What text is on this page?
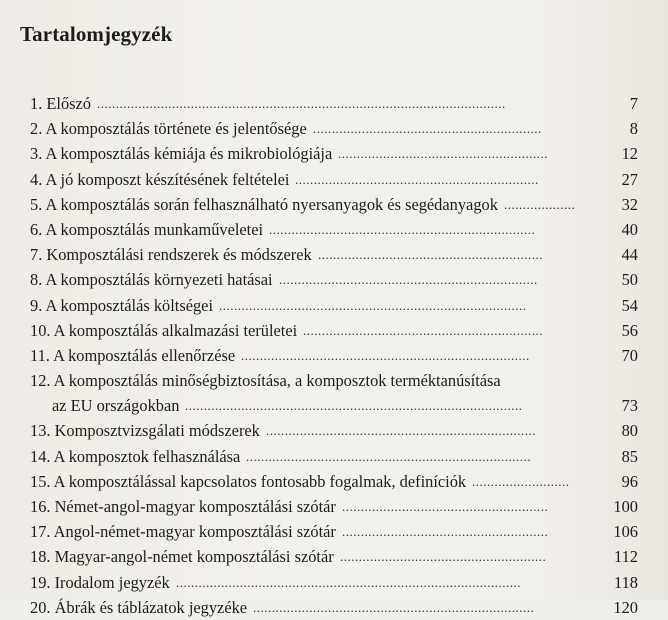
Tartalomjegyzék
1. Előszó .............................................................................................................	7
2. A komposztálás története és jelentősége .............................................................	8
3. A komposztálás kémiája és mikrobiológiája ........................................................	12
4. A jó komposzt készítésének feltételei .................................................................	27
5. A komposztálás során felhasználható nyersanyagok és segédanyagok ...................	32
6. A komposztálás munkaműveletei .......................................................................	40
7. Komposztálási rendszerek és módszerek ............................................................	44
8. A komposztálás környezeti hatásai .....................................................................	50
9. A komposztálás költségei ..................................................................................	54
10. A komposztálás alkalmazási területei ................................................................	56
11. A komposztálás ellenőrzése .............................................................................	70
12. A komposztálás minőségbiztosítása, a komposztok terméktanúsítása
az EU országokban ..........................................................................................	73
13. Komposztvizsgálati módszerek ........................................................................	80
14. A komposztok felhasználása ............................................................................	85
15. A komposztálással kapcsolatos fontosabb fogalmak, definíciók ..........................	96
16. Német-angol-magyar komposztálási szótár .......................................................	100
17. Angol-német-magyar komposztálási szótár .......................................................	106
18. Magyar-angol-német komposztálási szótár .......................................................	112
19. Irodalom jegyzék ............................................................................................	118
20. Ábrák és táblázatok jegyzéke ...........................................................................	120
